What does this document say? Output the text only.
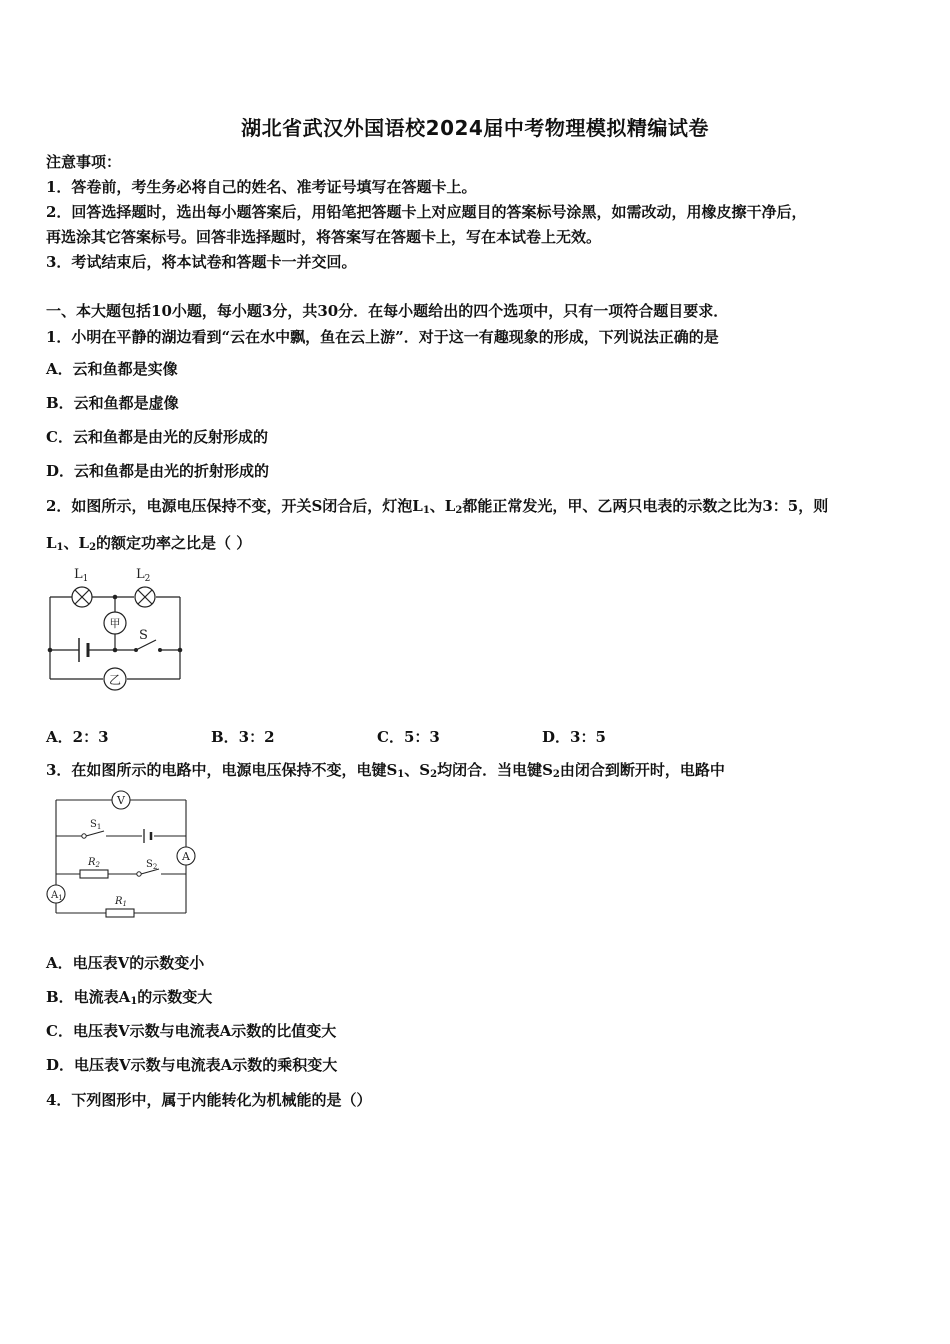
湖北省武汉外国语校2024届中考物理模拟精编试卷
注意事项：
1．答卷前，考生务必将自己的姓名、准考证号填写在答题卡上。
2．回答选择题时，选出每小题答案后，用铅笔把答题卡上对应题目的答案标号涂黑，如需改动，用橡皮擦干净后，
再选涂其它答案标号。回答非选择题时，将答案写在答题卡上，写在本试卷上无效。
3．考试结束后，将本试卷和答题卡一并交回。
一、本大题包括10小题，每小题3分，共30分．在每小题给出的四个选项中，只有一项符合题目要求．
1．小明在平静的湖边看到“云在水中飘，鱼在云上游”．对于这一有趣现象的形成，下列说法正确的是
A．云和鱼都是实像
B．云和鱼都是虚像
C．云和鱼都是由光的反射形成的
D．云和鱼都是由光的折射形成的
2．如图所示，电源电压保持不变，开关S闭合后，灯泡$L_1$、$L_2$都能正常发光，甲、乙两只电表的示数之比为3：5，则
$L_1$、$L_2$的额定功率之比是（ ）
$L_1$	$L_2$
甲
乙
S
A．2：3	B．3：2	C．5：3	D．3：5
3．在如图所示的电路中，电源电压保持不变，电键$S_1$、$S_2$均闭合．当电键$S_2$由闭合到断开时，电路中
V
A
$A_1$
$S_1$
$S_2$
$R_2$
$R_1$
A．电压表V的示数变小
B．电流表$A_1$的示数变大
C．电压表V示数与电流表A示数的比值变大
D．电压表V示数与电流表A示数的乘积变大
4．下列图形中，属于内能转化为机械能的是（）
